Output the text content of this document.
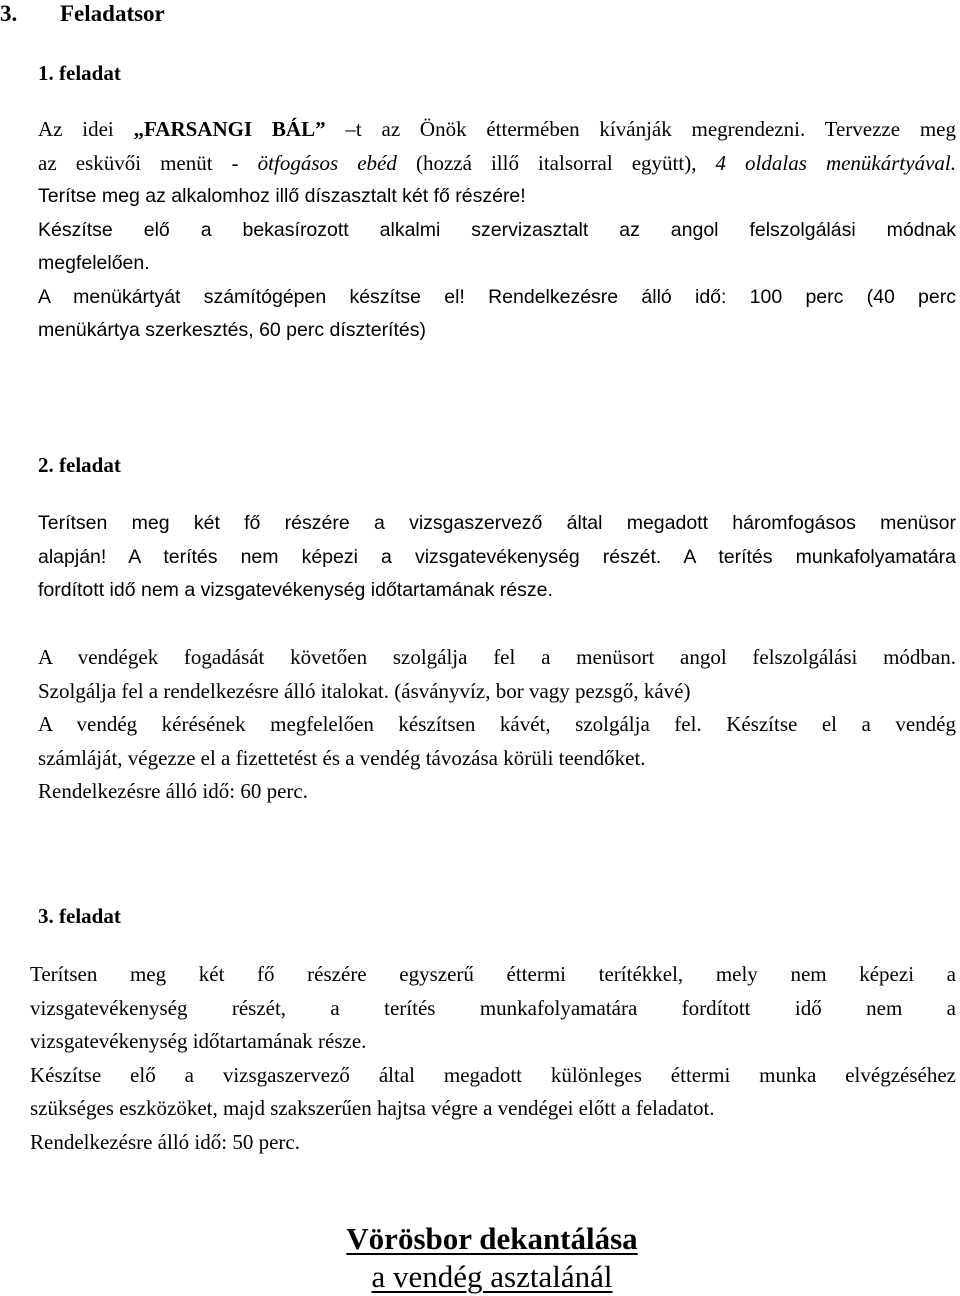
3. Feladatsor
1. feladat
Az idei „FARSANGI BÁL” –t az Önök éttermében kívánják megrendezni. Tervezze meg
az esküvői menüt - ötfogásos ebéd (hozzá illő italsorral együtt), 4 oldalas menükártyával.
Terítse meg az alkalomhoz illő díszasztalt két fő részére!
Készítse elő a bekasírozott alkalmi szervizasztalt az angol felszolgálási módnak
megfelelően.
A menükártyát számítógépen készítse el! Rendelkezésre álló idő: 100 perc (40 perc
menükártya szerkesztés, 60 perc díszterítés)
2. feladat
Terítsen meg két fő részére a vizsgaszervező által megadott háromfogásos menüsor
alapján! A terítés nem képezi a vizsgatevékenység részét. A terítés munkafolyamatára
fordított idő nem a vizsgatevékenység időtartamának része.
A vendégek fogadását követően szolgálja fel a menüsort angol felszolgálási módban.
Szolgálja fel a rendelkezésre álló italokat. (ásványvíz, bor vagy pezsgő, kávé)
A vendég kérésének megfelelően készítsen kávét, szolgálja fel. Készítse el a vendég
számláját, végezze el a fizettetést és a vendég távozása körüli teendőket.
Rendelkezésre álló idő: 60 perc.
3. feladat
Terítsen meg két fő részére egyszerű éttermi terítékkel, mely nem képezi a
vizsgatevékenység részét, a terítés munkafolyamatára fordított idő nem a
vizsgatevékenység időtartamának része.
Készítse elő a vizsgaszervező által megadott különleges éttermi munka elvégzéséhez
szükséges eszközöket, majd szakszerűen hajtsa végre a vendégei előtt a feladatot.
Rendelkezésre álló idő: 50 perc.
Vörösbor dekantálása
a vendég asztalánál
